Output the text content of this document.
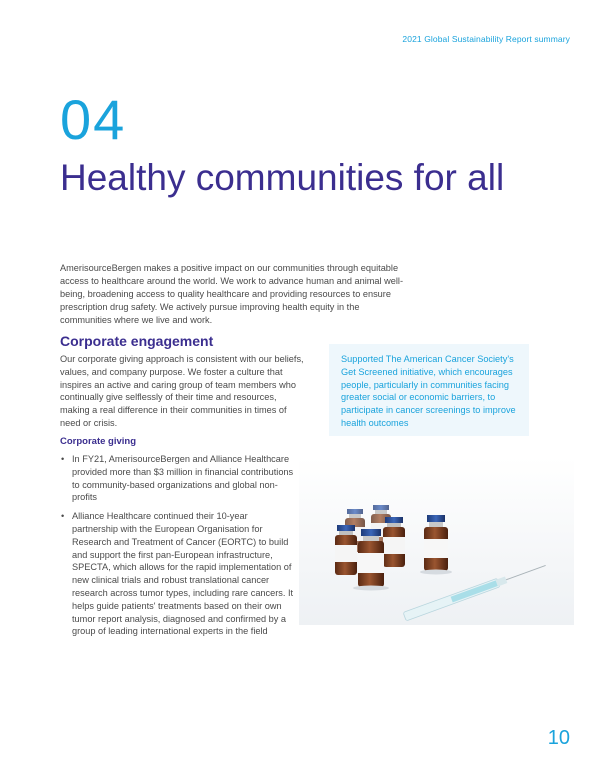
2021 Global Sustainability Report summary
04
Healthy communities for all

AmerisourceBergen makes a positive impact on our communities through equitable access to healthcare around the world. We work to advance human and animal well-being, broadening access to quality healthcare and providing resources to ensure prescription drug safety. We actively pursue improving health equity in the communities where we live and work.

Corporate engagement

Our corporate giving approach is consistent with our beliefs, values, and company purpose. We foster a culture that inspires an active and caring group of team members who continually give selflessly of their time and resources, making a real difference in their communities in times of need or crisis.

Supported The American Cancer Society's Get Screened initiative, which encourages people, particularly in communities facing greater social or economic barriers, to participate in cancer screenings to improve health outcomes

Corporate giving
• In FY21, AmerisourceBergen and Alliance Healthcare provided more than $3 million in financial contributions to community-based organizations and global non-profits
• Alliance Healthcare continued their 10-year partnership with the European Organisation for Research and Treatment of Cancer (EORTC) to build and support the first pan-European infrastructure, SPECTA, which allows for the rapid implementation of new clinical trials and robust translational cancer research across tumor types, including rare cancers. It helps guide patients' treatments based on their own tumor report analysis, diagnosed and confirmed by a group of leading international experts in the field
10
